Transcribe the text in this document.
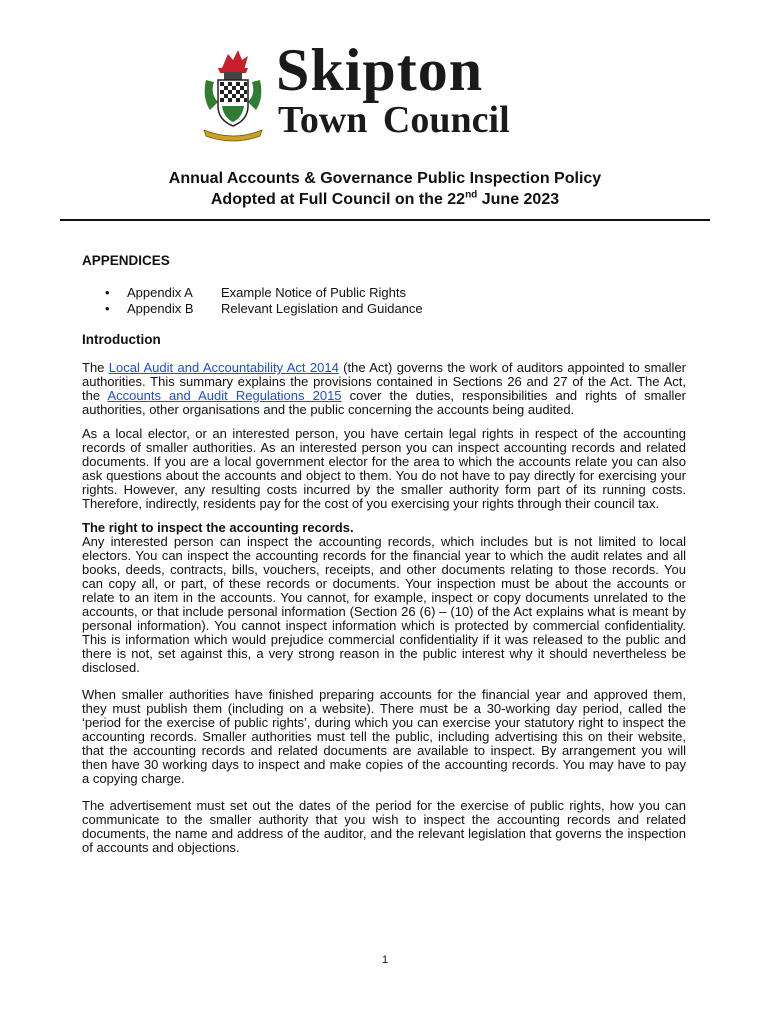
Skipton
Town Council
Annual Accounts & Governance Public Inspection Policy
Adopted at Full Council on the 22nd June 2023
APPENDICES
• Appendix A Example Notice of Public Rights
• Appendix B Relevant Legislation and Guidance
Introduction

The Local Audit and Accountability Act 2014 (the Act) governs the work of auditors appointed to smaller authorities. This summary explains the provisions contained in Sections 26 and 27 of the Act. The Act, the Accounts and Audit Regulations 2015 cover the duties, responsibilities and rights of smaller authorities, other organisations and the public concerning the accounts being audited.

As a local elector, or an interested person, you have certain legal rights in respect of the accounting records of smaller authorities. As an interested person you can inspect accounting records and related documents. If you are a local government elector for the area to which the accounts relate you can also ask questions about the accounts and object to them. You do not have to pay directly for exercising your rights. However, any resulting costs incurred by the smaller authority form part of its running costs. Therefore, indirectly, residents pay for the cost of you exercising your rights through their council tax.

The right to inspect the accounting records.

Any interested person can inspect the accounting records, which includes but is not limited to local electors. You can inspect the accounting records for the financial year to which the audit relates and all books, deeds, contracts, bills, vouchers, receipts, and other documents relating to those records. You can copy all, or part, of these records or documents. Your inspection must be about the accounts or relate to an item in the accounts. You cannot, for example, inspect or copy documents unrelated to the accounts, or that include personal information (Section 26 (6) – (10) of the Act explains what is meant by personal information). You cannot inspect information which is protected by commercial confidentiality. This is information which would prejudice commercial confidentiality if it was released to the public and there is not, set against this, a very strong reason in the public interest why it should nevertheless be disclosed.

When smaller authorities have finished preparing accounts for the financial year and approved them, they must publish them (including on a website). There must be a 30-working day period, called the ‘period for the exercise of public rights’, during which you can exercise your statutory right to inspect the accounting records. Smaller authorities must tell the public, including advertising this on their website, that the accounting records and related documents are available to inspect. By arrangement you will then have 30 working days to inspect and make copies of the accounting records. You may have to pay a copying charge.

The advertisement must set out the dates of the period for the exercise of public rights, how you can communicate to the smaller authority that you wish to inspect the accounting records and related documents, the name and address of the auditor, and the relevant legislation that governs the inspection of accounts and objections.

1
